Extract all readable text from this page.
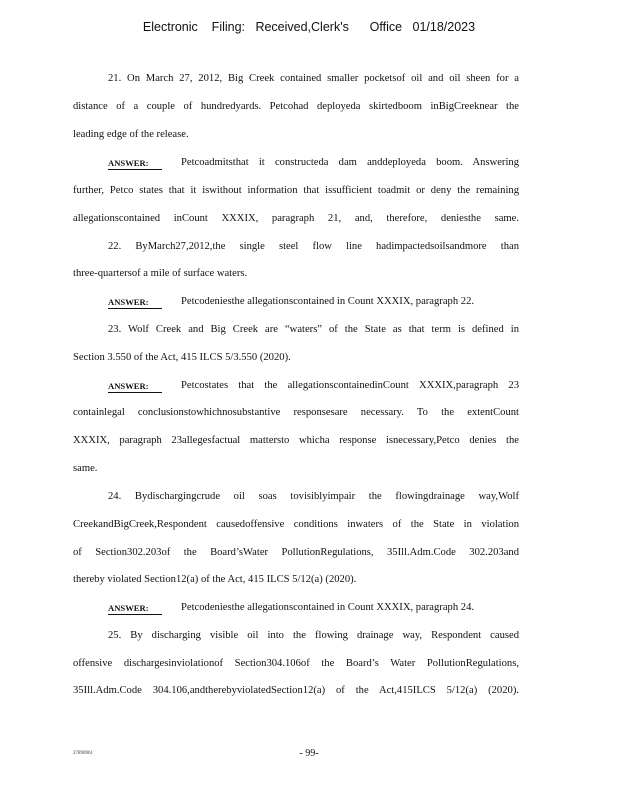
Electronic    Filing:   Received,Clerk's      Office   01/18/2023
21. On March 27, 2012, Big Creek contained smaller pocketsof oil and oil sheen for a
distance of a couple of hundredyards. Petcohad deployeda skirtedboom inBigCreeknear the
leading edge of the release.
ANSWER:	Petcoadmitsthat it constructeda dam anddeployeda boom. Answering
further, Petco states that it iswithout information that issufficient toadmit or deny the remaining
allegationscontained inCount XXXIX, paragraph 21, and, therefore, deniesthe same.
22. ByMarch27,2012,the single steel flow line hadimpactedsoilsandmore than
three-quartersof a mile of surface waters.
ANSWER:	Petcodeniesthe allegationscontained in Count XXXIX, paragraph 22.
23. Wolf Creek and Big Creek are “waters” of the State as that term is defined in
Section 3.550 of the Act, 415 ILCS 5/3.550 (2020).
ANSWER:	Petcostates that the allegationscontainedinCount XXXIX,paragraph 23
containlegal conclusionstowhichnosubstantive responsesare necessary. To the extentCount
XXXIX, paragraph 23allegesfactual mattersto whicha response isnecessary,Petco denies the
same.
24. Bydischargingcrude oil soas tovisiblyimpair the flowingdrainage way,Wolf
CreekandBigCreek,Respondent causedoffensive conditions inwaters of the State in violation
of Section302.203of the Board’sWater PollutionRegulations, 35Ill.Adm.Code 302.203and
thereby violated Section12(a) of the Act, 415 ILCS 5/12(a) (2020).
ANSWER:	Petcodeniesthe allegationscontained in Count XXXIX, paragraph 24.
25. By discharging visible oil into the flowing drainage way, Respondent caused
offensive dischargesinviolationof Section304.106of the Board’s Water PollutionRegulations,
35Ill.Adm.Code 304.106,andtherebyviolatedSection12(a) of the Act,415ILCS 5/12(a) (2020).
27890961	- 99-
